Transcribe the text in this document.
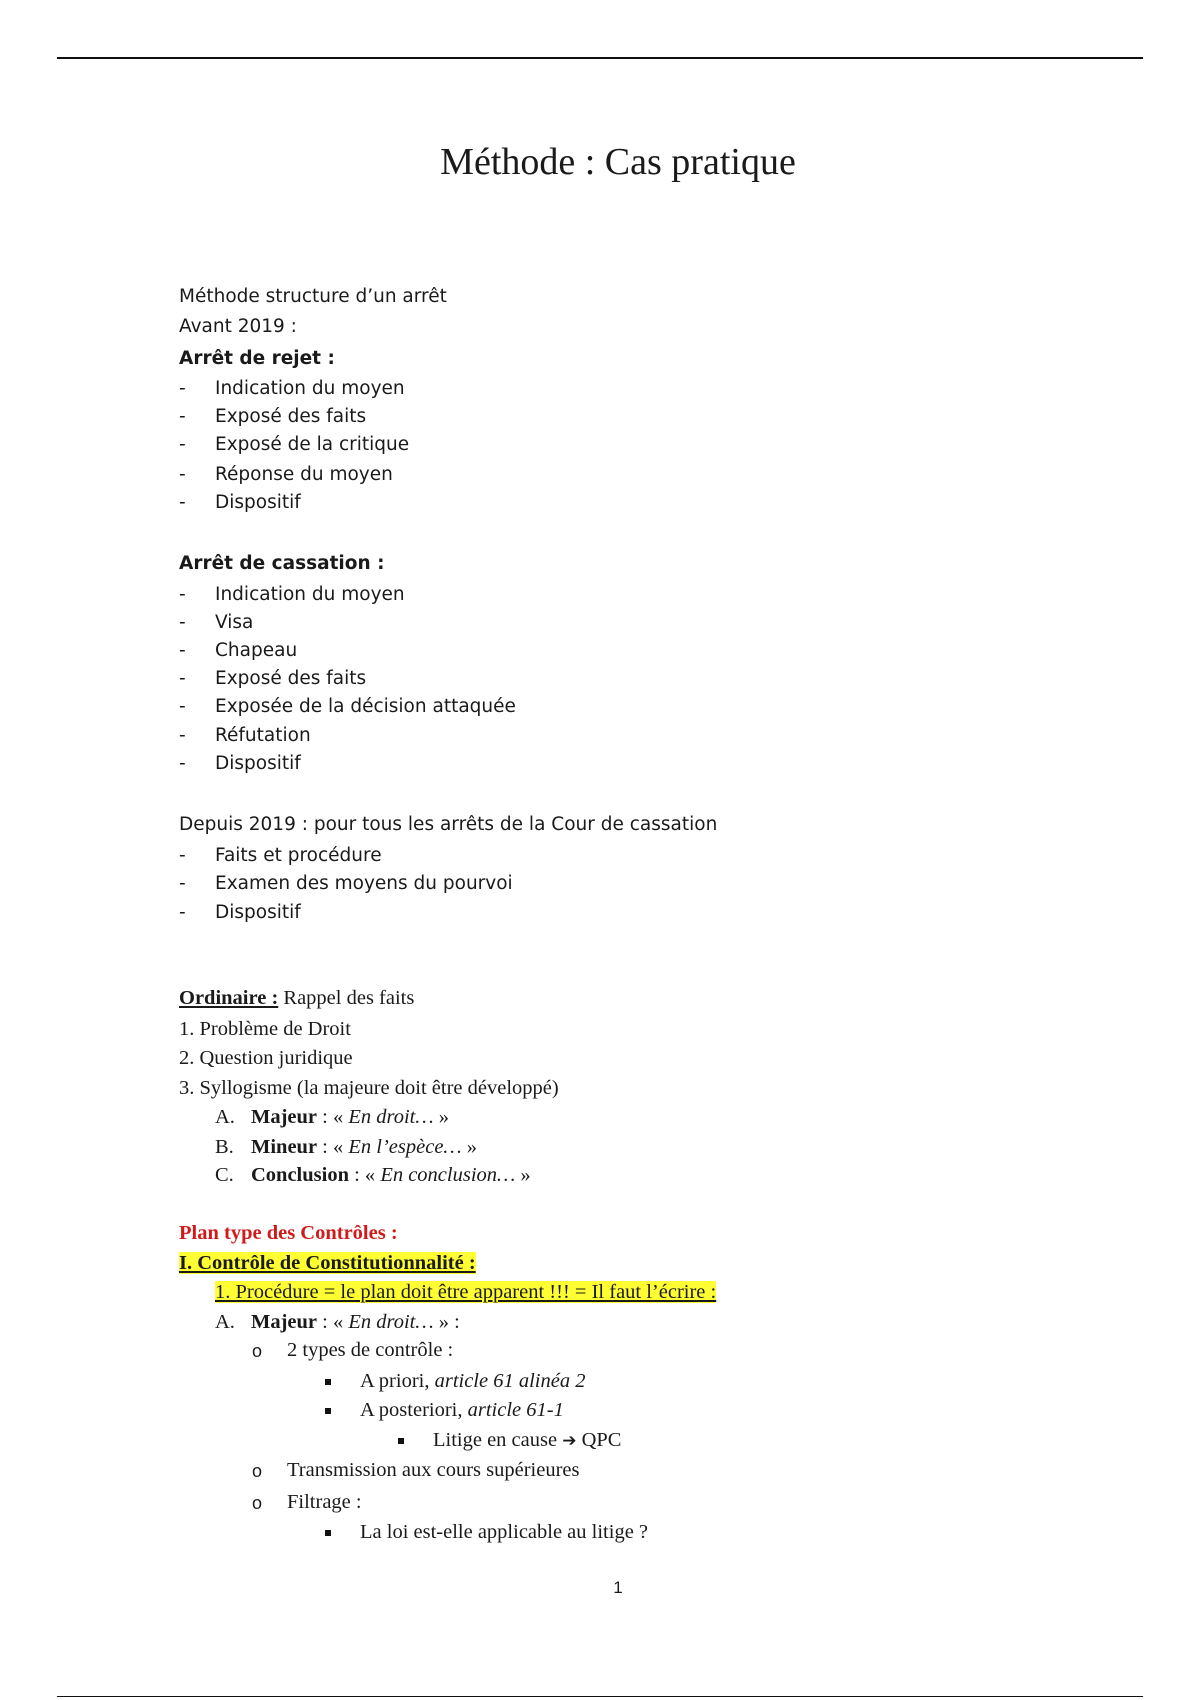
Méthode : Cas pratique
Méthode structure d’un arrêt
Avant 2019 :
Arrêt de rejet :
-
Indication du moyen
-
Exposé des faits
-
Exposé de la critique
-
Réponse du moyen
-
Dispositif
Arrêt de cassation :
-
Indication du moyen
-
Visa
-
Chapeau
-
Exposé des faits
-
Exposée de la décision attaquée
-
Réfutation
-
Dispositif
Depuis 2019 : pour tous les arrêts de la Cour de cassation
-
Faits et procédure
-
Examen des moyens du pourvoi
-
Dispositif
Ordinaire : Rappel des faits
1. Problème de Droit
2. Question juridique
3. Syllogisme (la majeure doit être développé)
A. Majeur : « En droit… »
B. Mineur : « En l’espèce… »
C. Conclusion : « En conclusion… »
Plan type des Contrôles :
I. Contrôle de Constitutionnalité :
1. Procédure = le plan doit être apparent !!! = Il faut l’écrire :
A. Majeur : « En droit… » :
o 2 types de contrôle :
A priori, article 61 alinéa 2
A posteriori, article 61-1
Litige en cause ➔ QPC
o Transmission aux cours supérieures
o Filtrage :
La loi est-elle applicable au litige ?
1
